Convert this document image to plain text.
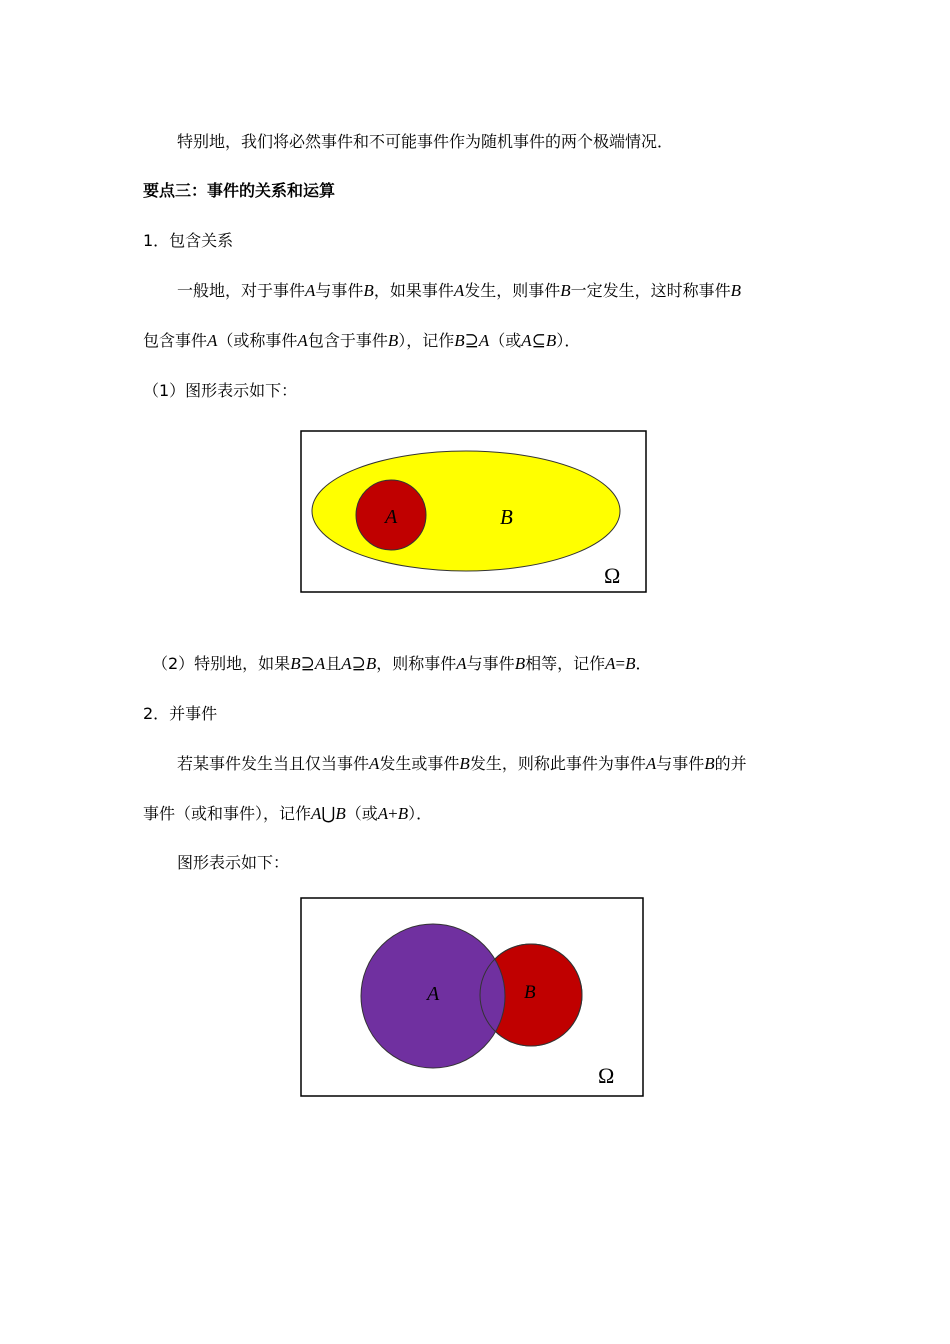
特别地，我们将必然事件和不可能事件作为随机事件的两个极端情况．
要点三：事件的关系和运算
1．包含关系
一般地，对于事件A与事件B，如果事件A发生，则事件B一定发生，这时称事件B
包含事件A（或称事件A包含于事件B），记作B⊇A（或A⊆B）．
（1）图形表示如下：
A	B
Ω
（2）特别地，如果B⊇A且A⊇B，则称事件A与事件B相等，记作A=B．
2．并事件
若某事件发生当且仅当事件A发生或事件B发生，则称此事件为事件A与事件B的并
事件（或和事件），记作A⋃B（或A+B）．
图形表示如下：
A	B
Ω
